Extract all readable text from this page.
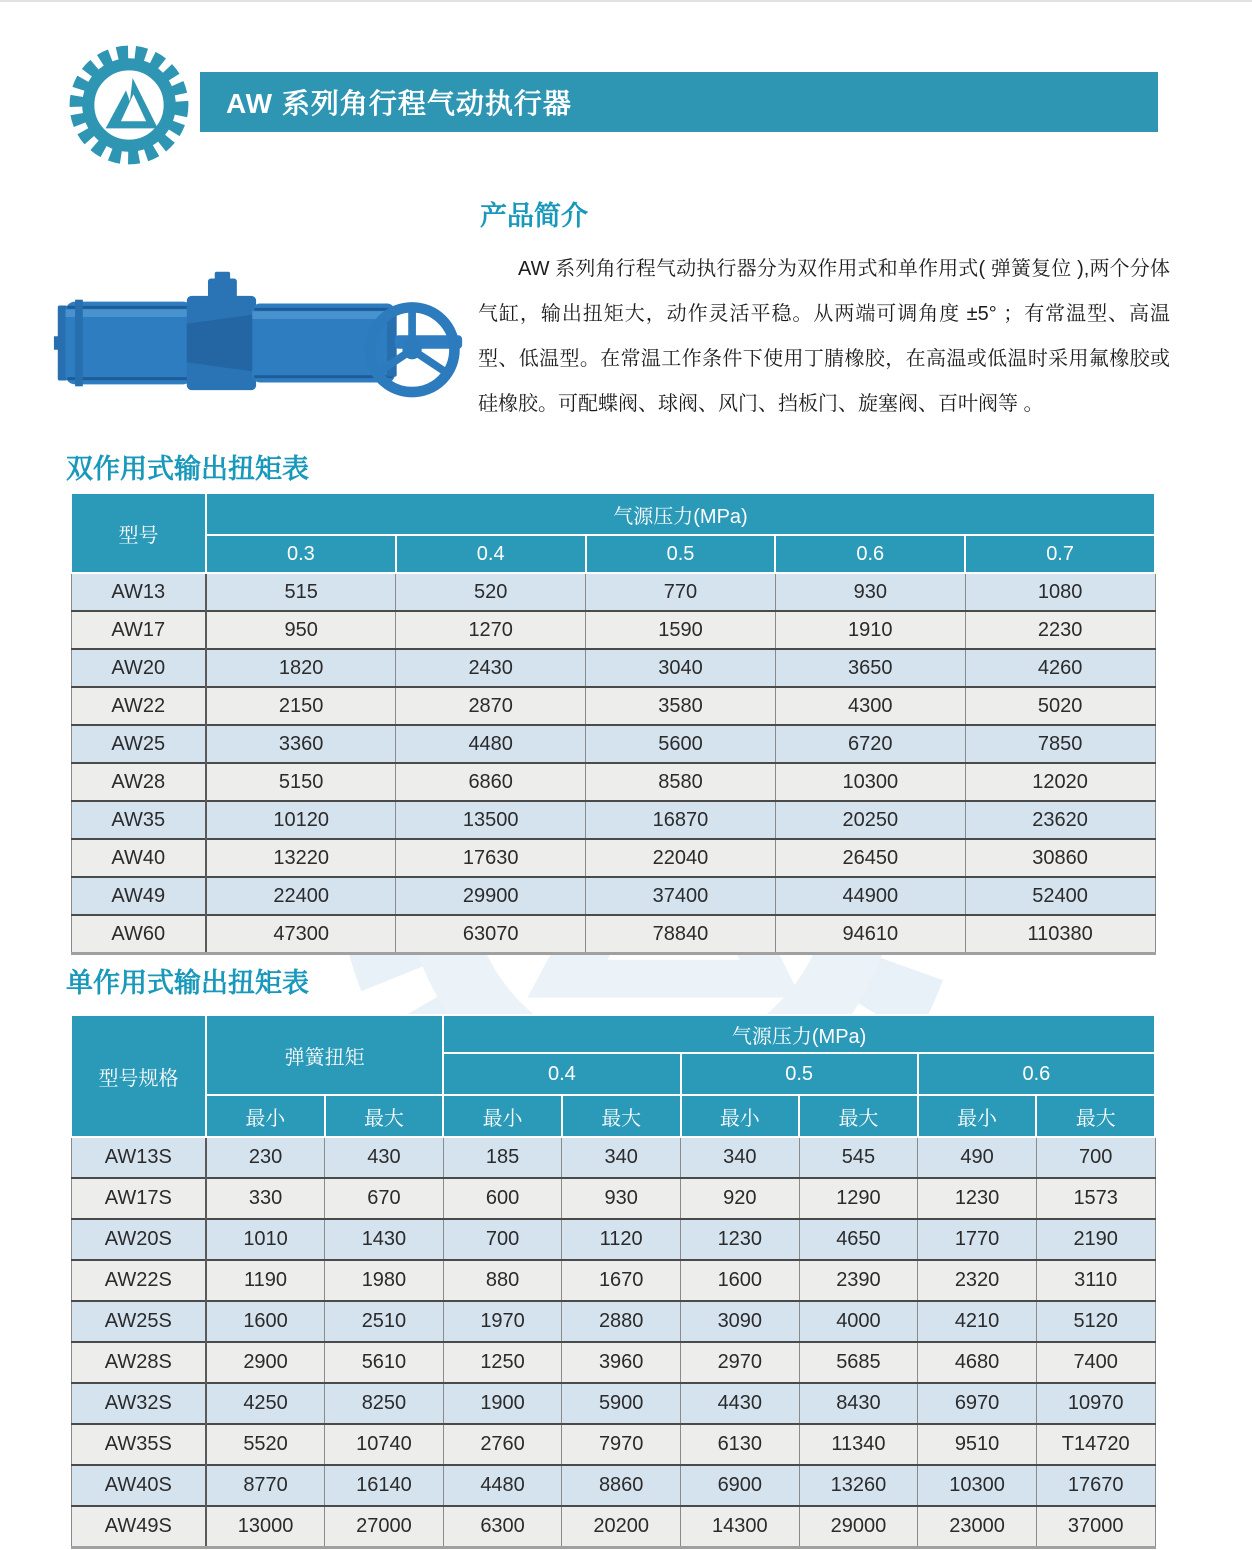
AW 系列角行程气动执行器
产品简介
AW 系列角行程气动执行器分为双作用式和单作用式( 弹簧复位 ),两个分体气缸，输出扭矩大，动作灵活平稳。从两端可调角度 ±5° ；有常温型、高温型、低温型。在常温工作条件下使用丁腈橡胶，在高温或低温时采用氟橡胶或硅橡胶。可配蝶阀、球阀、风门、挡板门、旋塞阀、百叶阀等 。
双作用式输出扭矩表
型号	气源压力(MPa)				
	0.3	0.4	0.5	0.6	0.7
AW13	515	520	770	930	1080
AW17	950	1270	1590	1910	2230
AW20	1820	2430	3040	3650	4260
AW22	2150	2870	3580	4300	5020
AW25	3360	4480	5600	6720	7850
AW28	5150	6860	8580	10300	12020
AW35	10120	13500	16870	20250	23620
AW40	13220	17630	22040	26450	30860
AW49	22400	29900	37400	44900	52400
AW60	47300	63070	78840	94610	110380
单作用式输出扭矩表
型号规格	弹簧扭矩		气源压力(MPa)					
			0.4		0.5		0.6	
	最小	最大	最小	最大	最小	最大	最小	最大
AW13S	230	430	185	340	340	545	490	700
AW17S	330	670	600	930	920	1290	1230	1573
AW20S	1010	1430	700	1120	1230	4650	1770	2190
AW22S	1190	1980	880	1670	1600	2390	2320	3110
AW25S	1600	2510	1970	2880	3090	4000	4210	5120
AW28S	2900	5610	1250	3960	2970	5685	4680	7400
AW32S	4250	8250	1900	5900	4430	8430	6970	10970
AW35S	5520	10740	2760	7970	6130	11340	9510	T14720
AW40S	8770	16140	4480	8860	6900	13260	10300	17670
AW49S	13000	27000	6300	20200	14300	29000	23000	37000
